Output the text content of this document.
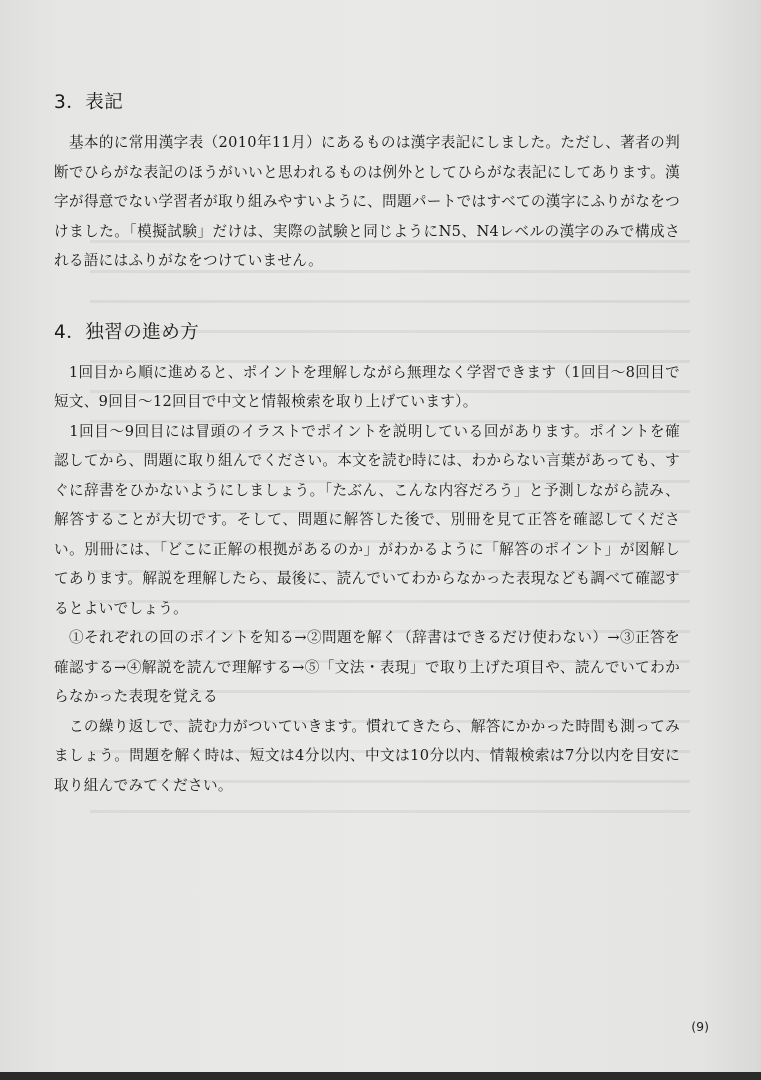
3．表記

　基本的に常用漢字表（2010年11月）にあるものは漢字表記にしました。ただし、著者の判断でひらがな表記のほうがいいと思われるものは例外としてひらがな表記にしてあります。漢字が得意でない学習者が取り組みやすいように、問題パートではすべての漢字にふりがなをつけました。「模擬試験」だけは、実際の試験と同じようにN5、N4レベルの漢字のみで構成される語にはふりがなをつけていません。

4．独習の進め方

　1回目から順に進めると、ポイントを理解しながら無理なく学習できます（1回目〜8回目で短文、9回目〜12回目で中文と情報検索を取り上げています）。

　1回目〜9回目には冒頭のイラストでポイントを説明している回があります。ポイントを確認してから、問題に取り組んでください。本文を読む時には、わからない言葉があっても、すぐに辞書をひかないようにしましょう。「たぶん、こんな内容だろう」と予測しながら読み、解答することが大切です。そして、問題に解答した後で、別冊を見て正答を確認してください。別冊には、「どこに正解の根拠があるのか」がわかるように「解答のポイント」が図解してあります。解説を理解したら、最後に、読んでいてわからなかった表現なども調べて確認するとよいでしょう。

　①それぞれの回のポイントを知る→②問題を解く（辞書はできるだけ使わない）→③正答を確認する→④解説を読んで理解する→⑤「文法・表現」で取り上げた項目や、読んでいてわからなかった表現を覚える

　この繰り返しで、読む力がついていきます。慣れてきたら、解答にかかった時間も測ってみましょう。問題を解く時は、短文は4分以内、中文は10分以内、情報検索は7分以内を目安に取り組んでみてください。

(9)
